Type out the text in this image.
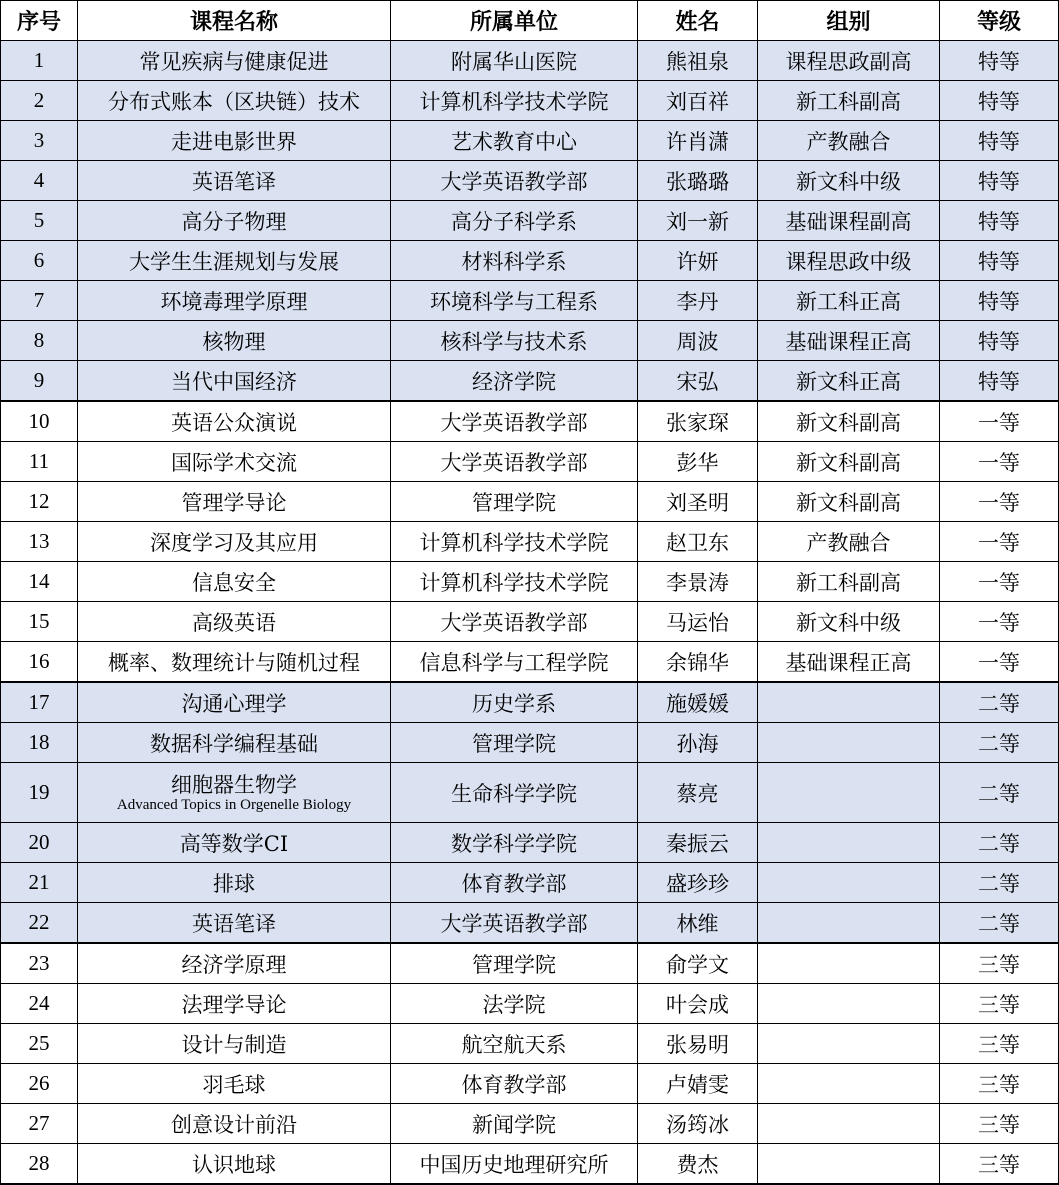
序号	课程名称	所属单位	姓名	组别	等级
1	常见疾病与健康促进	附属华山医院	熊祖泉	课程思政副高	特等
2	分布式账本（区块链）技术	计算机科学技术学院	刘百祥	新工科副高	特等
3	走进电影世界	艺术教育中心	许肖潇	产教融合	特等
4	英语笔译	大学英语教学部	张璐璐	新文科中级	特等
5	高分子物理	高分子科学系	刘一新	基础课程副高	特等
6	大学生生涯规划与发展	材料科学系	许妍	课程思政中级	特等
7	环境毒理学原理	环境科学与工程系	李丹	新工科正高	特等
8	核物理	核科学与技术系	周波	基础课程正高	特等
9	当代中国经济	经济学院	宋弘	新文科正高	特等
10	英语公众演说	大学英语教学部	张家琛	新文科副高	一等
11	国际学术交流	大学英语教学部	彭华	新文科副高	一等
12	管理学导论	管理学院	刘圣明	新文科副高	一等
13	深度学习及其应用	计算机科学技术学院	赵卫东	产教融合	一等
14	信息安全	计算机科学技术学院	李景涛	新工科副高	一等
15	高级英语	大学英语教学部	马运怡	新文科中级	一等
16	概率、数理统计与随机过程	信息科学与工程学院	余锦华	基础课程正高	一等
17	沟通心理学	历史学系	施媛媛		二等
18	数据科学编程基础	管理学院	孙海		二等
19	细胞器生物学
Advanced Topics in Orgenelle Biology	生命科学学院	蔡亮		二等
20	高等数学CI	数学科学学院	秦振云		二等
21	排球	体育教学部	盛珍珍		二等
22	英语笔译	大学英语教学部	林维		二等
23	经济学原理	管理学院	俞学文		三等
24	法理学导论	法学院	叶会成		三等
25	设计与制造	航空航天系	张易明		三等
26	羽毛球	体育教学部	卢婧雯		三等
27	创意设计前沿	新闻学院	汤筠冰		三等
28	认识地球	中国历史地理研究所	费杰		三等
